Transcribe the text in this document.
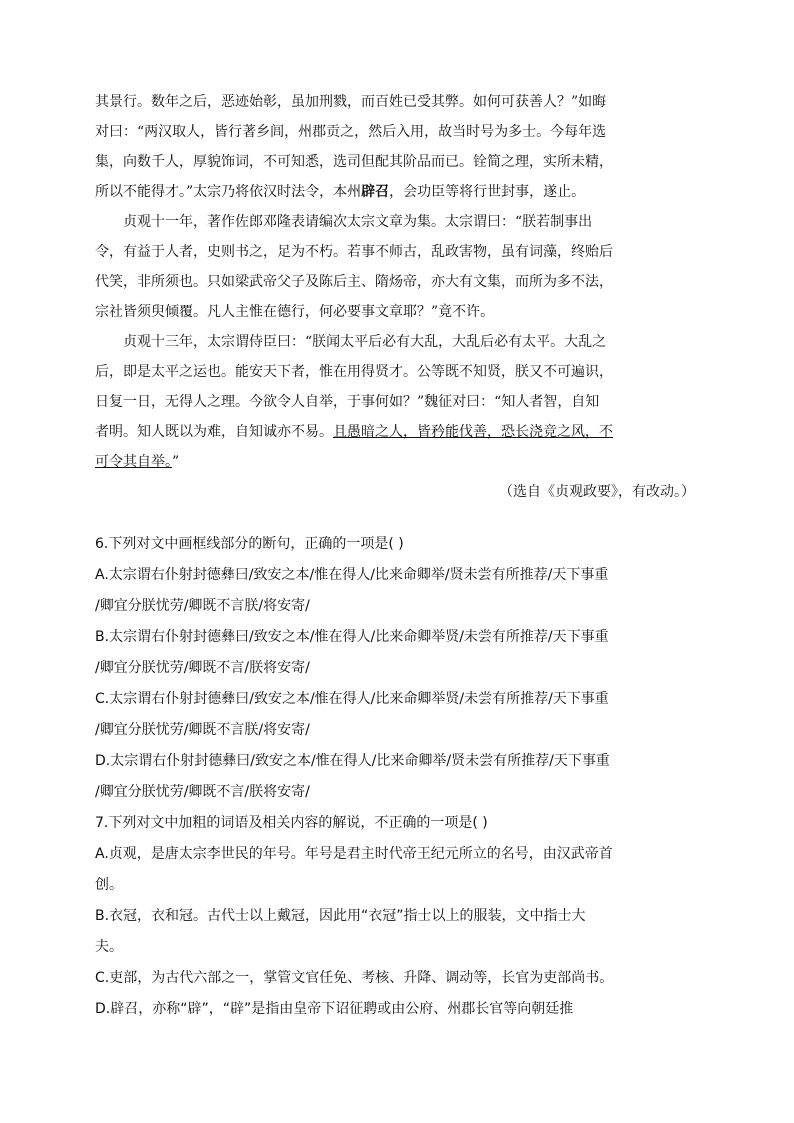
其景行。数年之后，恶迹始彰，虽加刑戮，而百姓已受其弊。如何可获善人？”如晦
对曰：“两汉取人，皆行著乡闾，州郡贡之，然后入用，故当时号为多士。今每年选
集，向数千人，厚貌饰词，不可知悉，选司但配其阶品而已。铨简之理，实所未精，
所以不能得才。”太宗乃将依汉时法令，本州辟召，会功臣等将行世封事，遂止。
贞观十一年，著作佐郎邓隆表请编次太宗文章为集。太宗谓曰：“朕若制事出
令，有益于人者，史则书之，足为不朽。若事不师古，乱政害物，虽有词藻，终贻后
代笑，非所须也。只如梁武帝父子及陈后主、隋炀帝，亦大有文集，而所为多不法，
宗社皆须臾倾覆。凡人主惟在德行，何必要事文章耶？”竟不许。
贞观十三年，太宗谓侍臣曰：“朕闻太平后必有大乱，大乱后必有太平。大乱之
后，即是太平之运也。能安天下者，惟在用得贤才。公等既不知贤，朕又不可遍识，
日复一日，无得人之理。今欲令人自举，于事何如？”魏征对曰：“知人者智，自知
者明。知人既以为难，自知诚亦不易。且愚暗之人，皆矜能伐善，恐长浇竞之风，不
可令其自举。”
（选自《贞观政要》，有改动。）
6.下列对文中画框线部分的断句，正确的一项是( )
A.太宗谓右仆射封德彝曰/致安之本/惟在得人/比来命卿举/贤未尝有所推荐/天下事重
/卿宜分朕忧劳/卿既不言朕/将安寄/
B.太宗谓右仆射封德彝曰/致安之本/惟在得人/比来命卿举贤/未尝有所推荐/天下事重
/卿宜分朕忧劳/卿既不言/朕将安寄/
C.太宗谓右仆射封德彝曰/致安之本/惟在得人/比来命卿举贤/未尝有所推荐/天下事重
/卿宜分朕忧劳/卿既不言朕/将安寄/
D.太宗谓右仆射封德彝曰/致安之本/惟在得人/比来命卿举/贤未尝有所推荐/天下事重
/卿宜分朕忧劳/卿既不言/朕将安寄/
7.下列对文中加粗的词语及相关内容的解说，不正确的一项是( )
A.贞观，是唐太宗李世民的年号。年号是君主时代帝王纪元所立的名号，由汉武帝首
创。
B.衣冠，衣和冠。古代士以上戴冠，因此用“衣冠”指士以上的服装，文中指士大
夫。
C.吏部，为古代六部之一，掌管文官任免、考核、升降、调动等，长官为吏部尚书。
D.辟召，亦称“辟”，“辟”是指由皇帝下诏征聘或由公府、州郡长官等向朝廷推
